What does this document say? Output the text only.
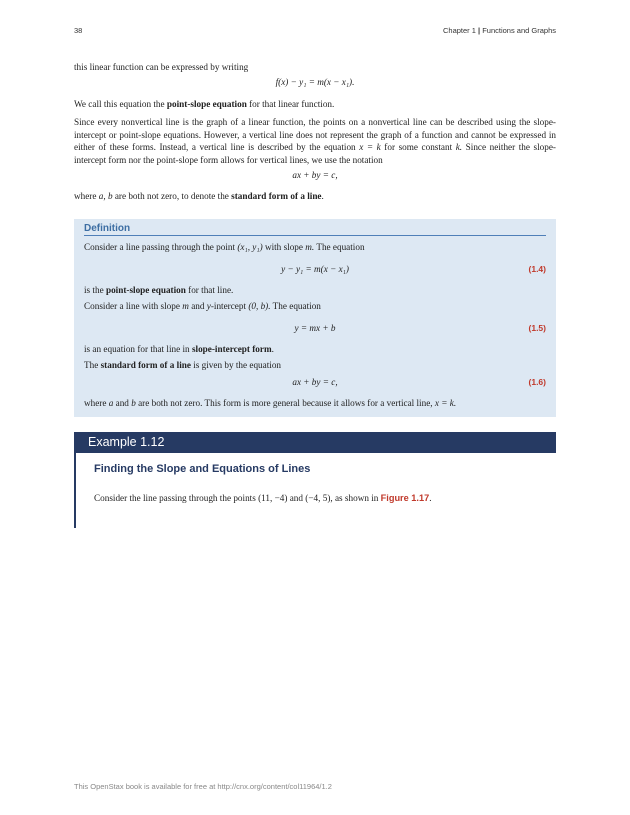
38	Chapter 1 | Functions and Graphs

this linear function can be expressed by writing

f(x) − y₁ = m(x − x₁).

We call this equation the point-slope equation for that linear function.

Since every nonvertical line is the graph of a linear function, the points on a nonvertical line can be described using the slope-intercept or point-slope equations. However, a vertical line does not represent the graph of a function and cannot be expressed in either of these forms. Instead, a vertical line is described by the equation x = k for some constant k. Since neither the slope-intercept form nor the point-slope form allows for vertical lines, we use the notation

ax + by = c,

where a, b are both not zero, to denote the standard form of a line.

Definition
Consider a line passing through the point (x₁, y₁) with slope m. The equation
y − y₁ = m(x − x₁)	(1.4)
is the point-slope equation for that line.
Consider a line with slope m and y-intercept (0, b). The equation
y = mx + b	(1.5)
is an equation for that line in slope-intercept form.
The standard form of a line is given by the equation
ax + by = c,	(1.6)
where a and b are both not zero. This form is more general because it allows for a vertical line, x = k.
Example 1.12
Finding the Slope and Equations of Lines
Consider the line passing through the points (11, −4) and (−4, 5), as shown in Figure 1.17.
This OpenStax book is available for free at http://cnx.org/content/col11964/1.2
